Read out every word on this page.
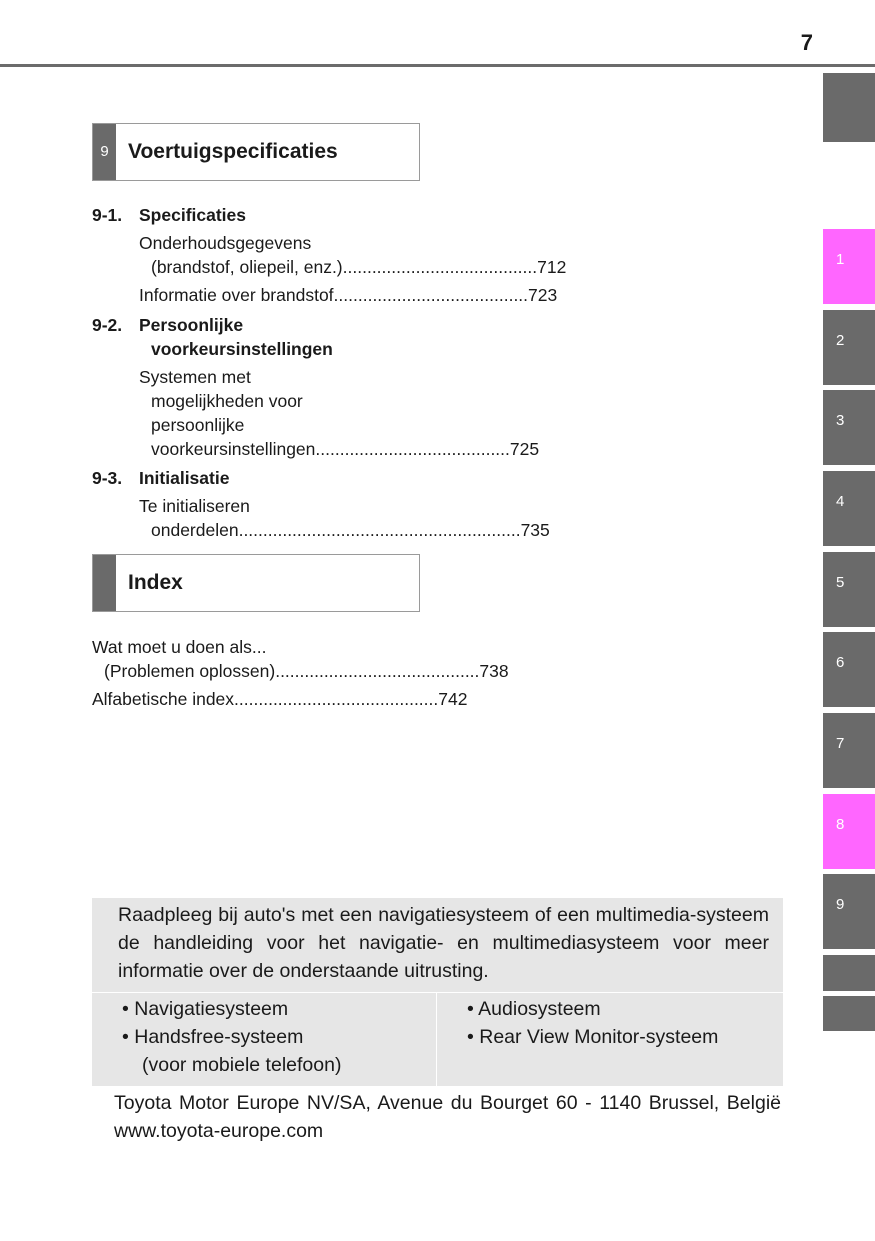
7
1
2
3
4
5
6
7
8
9
9 Voertuigspecificaties
9-1. Specificaties
Onderhoudsgegevens
(brandstof, oliepeil, enz.) ........................................ 712
Informatie over brandstof ........................................ 723
9-2. Persoonlijke
voorkeursinstellingen
Systemen met
mogelijkheden voor
persoonlijke
voorkeursinstellingen ........................................ 725
9-3. Initialisatie
Te initialiseren
onderdelen .......................................................... 735
Index
Wat moet u doen als...
(Problemen oplossen) .......................................... 738
Alfabetische index .......................................... 742
Raadpleeg bij auto's met een navigatiesysteem of een multimedia-systeem de handleiding voor het navigatie- en multimediasysteem voor meer informatie over de onderstaande uitrusting.
• Navigatiesysteem
• Handsfree-systeem
(voor mobiele telefoon)
• Audiosysteem
• Rear View Monitor-systeem
Toyota Motor Europe NV/SA, Avenue du Bourget 60 - 1140 Brussel, België www.toyota-europe.com
